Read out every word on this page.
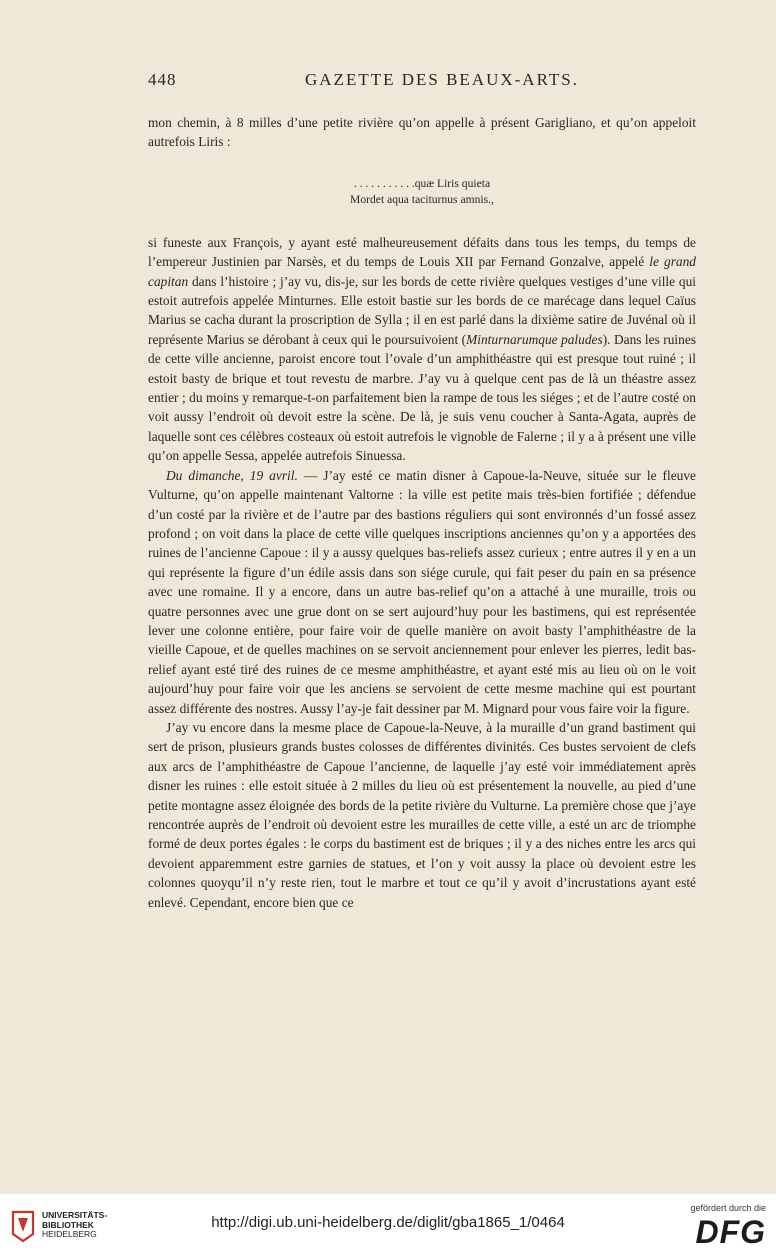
448	GAZETTE DES BEAUX-ARTS.

mon chemin, à 8 milles d’une petite rivière qu’on appelle à présent Garigliano, et qu’on appeloit autrefois Liris :

. . . . . . . . . . .quæ Liris quieta
Mordet aqua taciturnus amnis.,

si funeste aux François, y ayant esté malheureusement défaits dans tous les temps, du temps de l’empereur Justinien par Narsès, et du temps de Louis XII par Fernand Gonzalve, appelé le grand capitan dans l’histoire ; j’ay vu, dis-je, sur les bords de cette rivière quelques vestiges d’une ville qui estoit autrefois appelée Minturnes. Elle estoit bastie sur les bords de ce marécage dans lequel Caïus Marius se cacha durant la proscription de Sylla ; il en est parlé dans la dixième satire de Juvénal où il représente Marius se dérobant à ceux qui le poursuivoient (Minturnarumque paludes). Dans les ruines de cette ville ancienne, paroist encore tout l’ovale d’un amphithéastre qui est presque tout ruiné ; il estoit basty de brique et tout revestu de marbre. J’ay vu à quelque cent pas de là un théastre assez entier ; du moins y remarque-t-on parfaitement bien la rampe de tous les siéges ; et de l’autre costé on voit aussy l’endroit où devoit estre la scène. De là, je suis venu coucher à Santa-Agata, auprès de laquelle sont ces célèbres costeaux où estoit autrefois le vignoble de Falerne ; il y a à présent une ville qu’on appelle Sessa, appelée autrefois Sinuessa.

Du dimanche, 19 avril. — J’ay esté ce matin disner à Capoue-la-Neuve, située sur le fleuve Vulturne, qu’on appelle maintenant Valtorne : la ville est petite mais très-bien fortifiée ; défendue d’un costé par la rivière et de l’autre par des bastions réguliers qui sont environnés d’un fossé assez profond ; on voit dans la place de cette ville quelques inscriptions anciennes qu’on y a apportées des ruines de l’ancienne Capoue : il y a aussy quelques bas-reliefs assez curieux ; entre autres il y en a un qui représente la figure d’un édile assis dans son siége curule, qui fait peser du pain en sa présence avec une romaine. Il y a encore, dans un autre bas-relief qu’on a attaché à une muraille, trois ou quatre personnes avec une grue dont on se sert aujourd’huy pour les bastimens, qui est représentée lever une colonne entière, pour faire voir de quelle manière on avoit basty l’amphithéastre de la vieille Capoue, et de quelles machines on se servoit anciennement pour enlever les pierres, ledit bas-relief ayant esté tiré des ruines de ce mesme amphithéastre, et ayant esté mis au lieu où on le voit aujourd’huy pour faire voir que les anciens se servoient de cette mesme machine qui est pourtant assez différente des nostres. Aussy l’ay-je fait dessiner par M. Mignard pour vous faire voir la figure.

J’ay vu encore dans la mesme place de Capoue-la-Neuve, à la muraille d’un grand bastiment qui sert de prison, plusieurs grands bustes colosses de différentes divinités. Ces bustes servoient de clefs aux arcs de l’amphithéastre de Capoue l’ancienne, de laquelle j’ay esté voir immédiatement après disner les ruines : elle estoit située à 2 milles du lieu où est présentement la nouvelle, au pied d’une petite montagne assez éloignée des bords de la petite rivière du Vulturne. La première chose que j’aye rencontrée auprès de l’endroit où devoient estre les murailles de cette ville, a esté un arc de triomphe formé de deux portes égales : le corps du bastiment est de briques ; il y a des niches entre les arcs qui devoient apparemment estre garnies de statues, et l’on y voit aussy la place où devoient estre les colonnes quoyqu’il n’y reste rien, tout le marbre et tout ce qu’il y avoit d’incrustations ayant esté enlevé. Cependant, encore bien que ce

UNIVERSITÄTS-
BIBLIOTHEK
HEIDELBERG
http://digi.ub.uni-heidelberg.de/diglit/gba1865_1/0464
gefördert durch die
DFG
